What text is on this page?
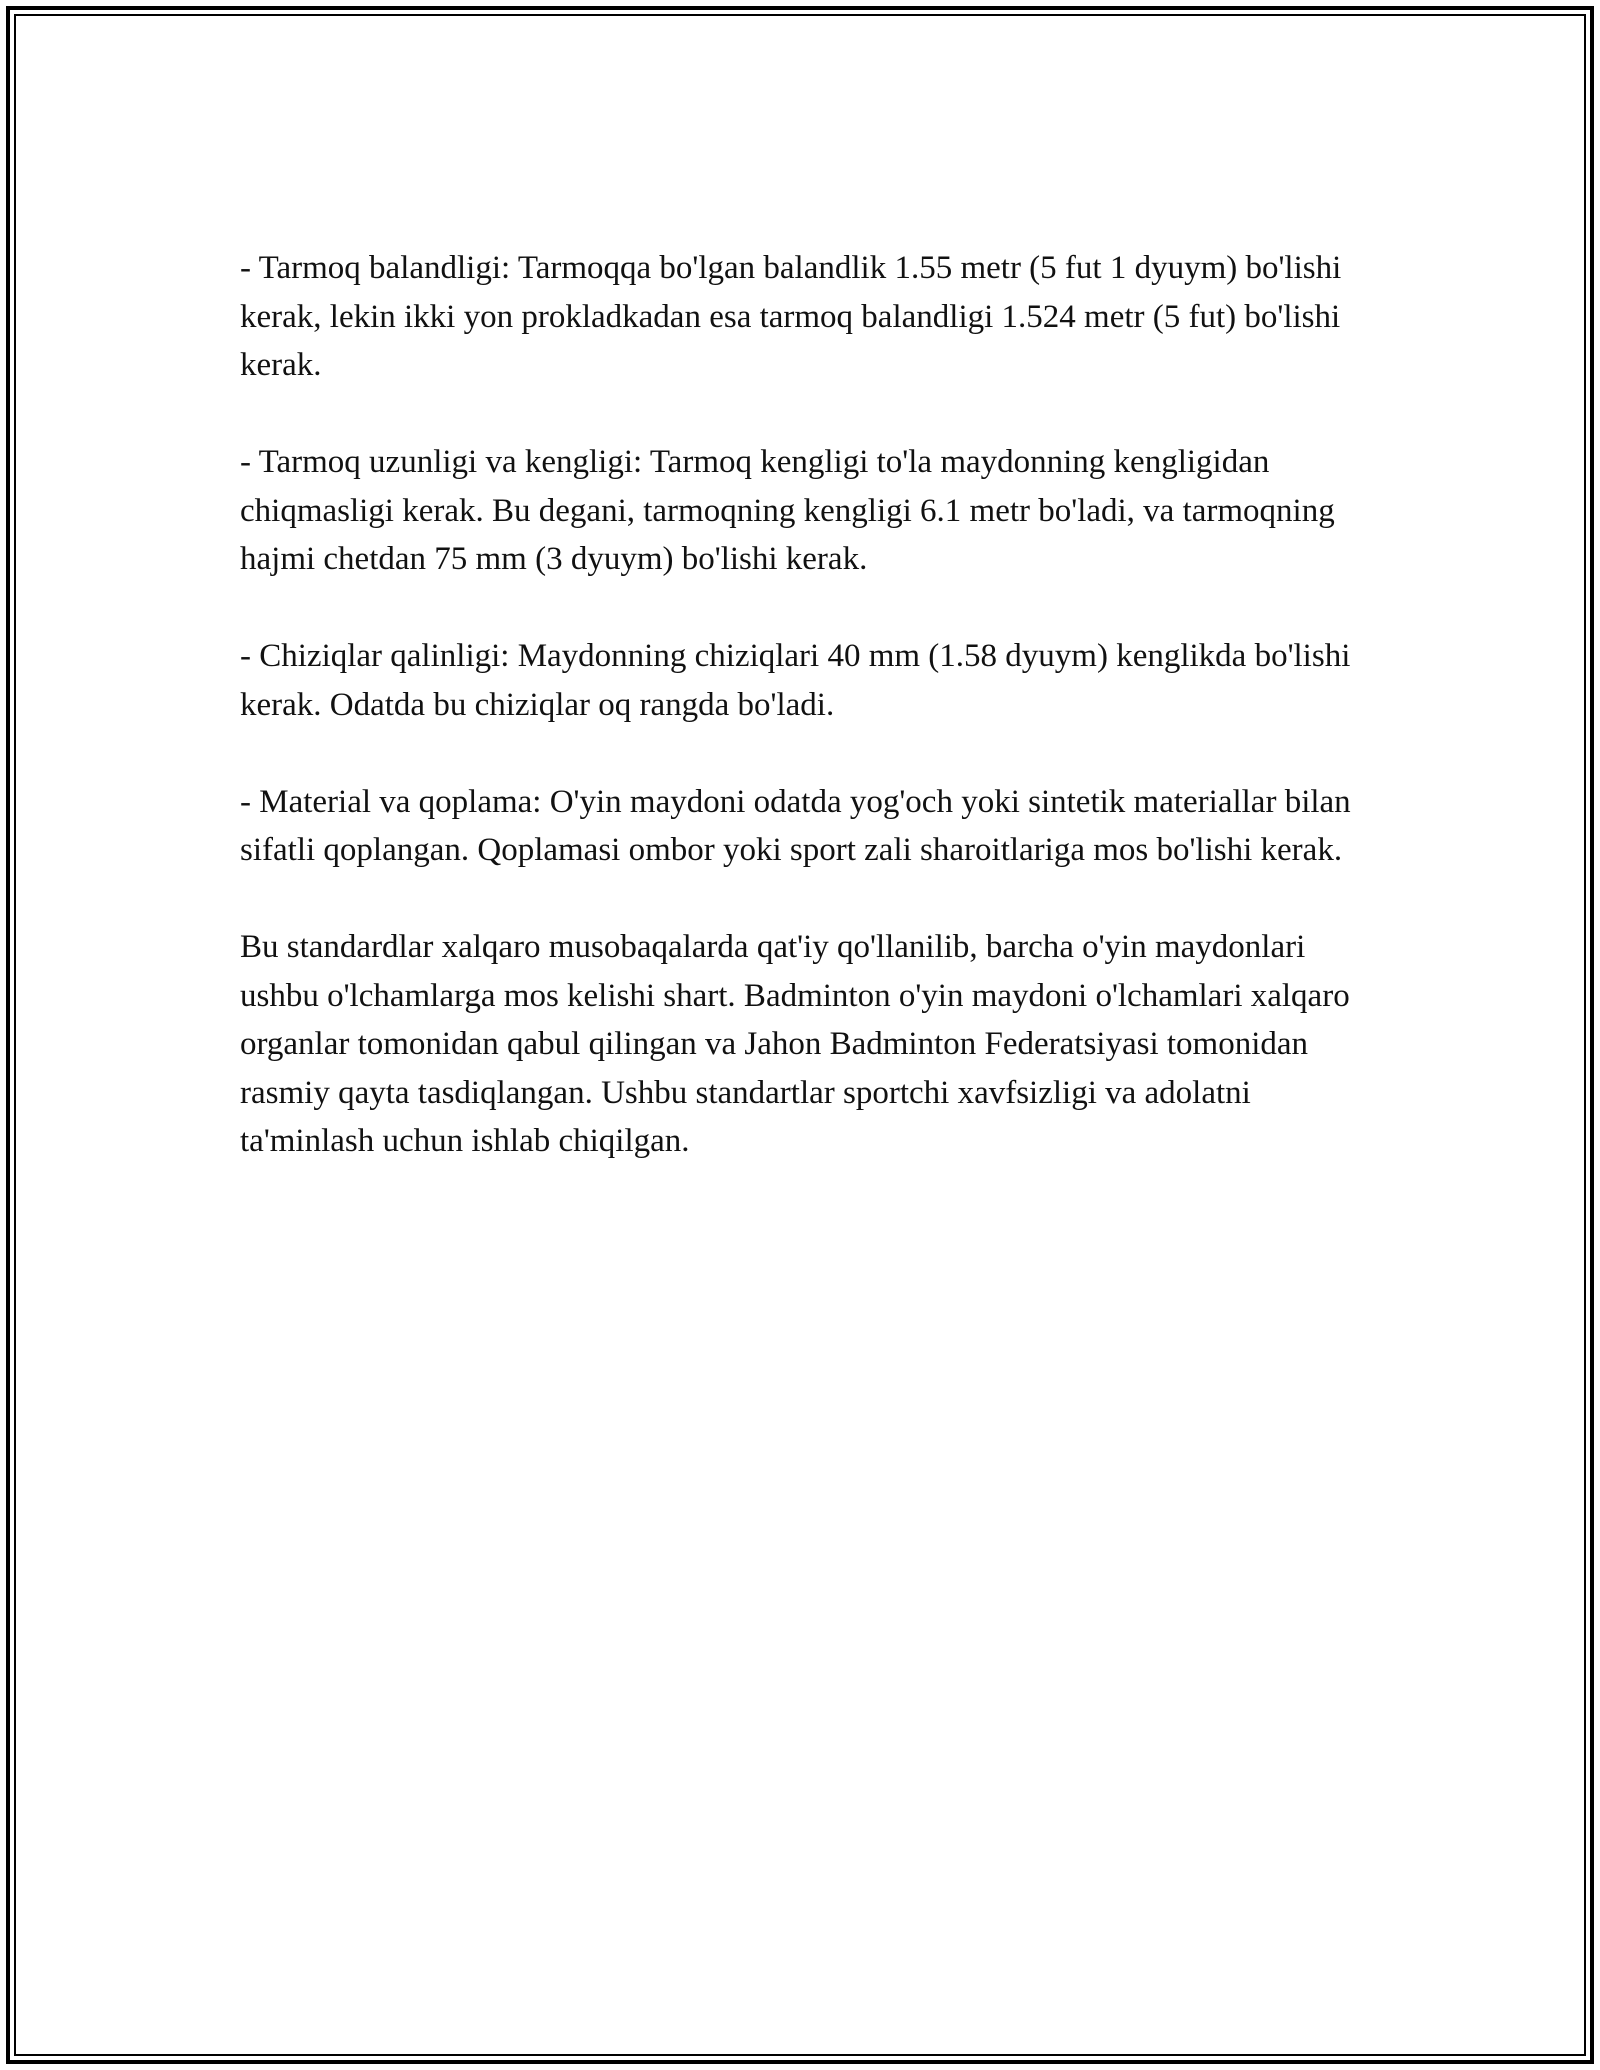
- Tarmoq balandligi: Tarmoqqa bo'lgan balandlik 1.55 metr (5 fut 1 dyuym) bo'lishi kerak, lekin ikki yon prokladkadan esa tarmoq balandligi 1.524 metr (5 fut) bo'lishi kerak.

- Tarmoq uzunligi va kengligi: Tarmoq kengligi to'la maydonning kengligidan chiqmasligi kerak. Bu degani, tarmoqning kengligi 6.1 metr bo'ladi, va tarmoqning hajmi chetdan 75 mm (3 dyuym) bo'lishi kerak.

- Chiziqlar qalinligi: Maydonning chiziqlari 40 mm (1.58 dyuym) kenglikda bo'lishi kerak. Odatda bu chiziqlar oq rangda bo'ladi.

- Material va qoplama: O'yin maydoni odatda yog'och yoki sintetik materiallar bilan sifatli qoplangan. Qoplamasi ombor yoki sport zali sharoitlariga mos bo'lishi kerak.

Bu standardlar xalqaro musobaqalarda qat'iy qo'llanilib, barcha o'yin maydonlari ushbu o'lchamlarga mos kelishi shart. Badminton o'yin maydoni o'lchamlari xalqaro organlar tomonidan qabul qilingan va Jahon Badminton Federatsiyasi tomonidan rasmiy qayta tasdiqlangan. Ushbu standartlar sportchi xavfsizligi va adolatni ta'minlash uchun ishlab chiqilgan.
